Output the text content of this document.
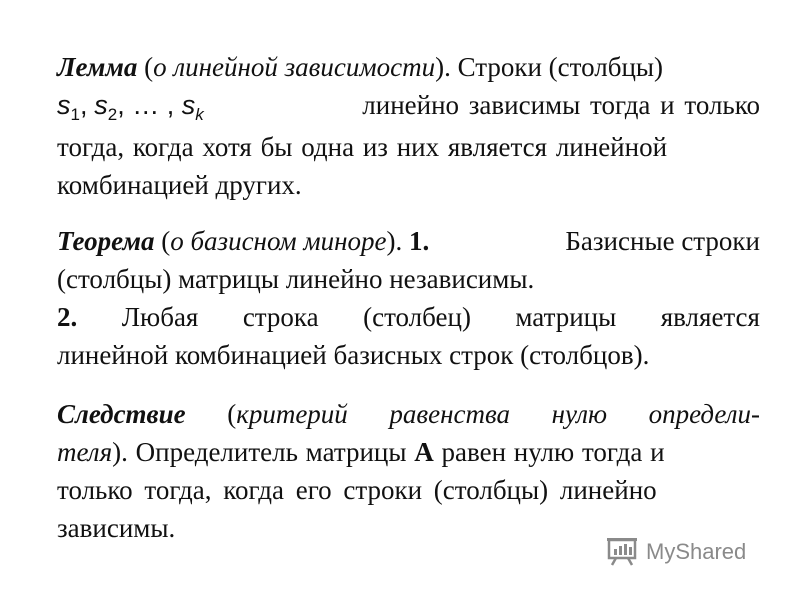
Лемма (о линейной зависимости). Строки (столбцы)
$s_1$, $s_2$, … , $s_k$	линейно зависимы тогда и только
тогда, когда хотя бы одна из них является линейной
комбинацией других.
Теорема (о базисном миноре). 1.	Базисные строки
(столбцы) матрицы линейно независимы.
2. Любая строка (столбец) матрицы является
линейной комбинацией базисных строк (столбцов).
Следствие (критерий равенства нулю определи-
теля). Определитель матрицы A равен нулю тогда и
только тогда, когда его строки (столбцы) линейно
зависимы.
MyShared
